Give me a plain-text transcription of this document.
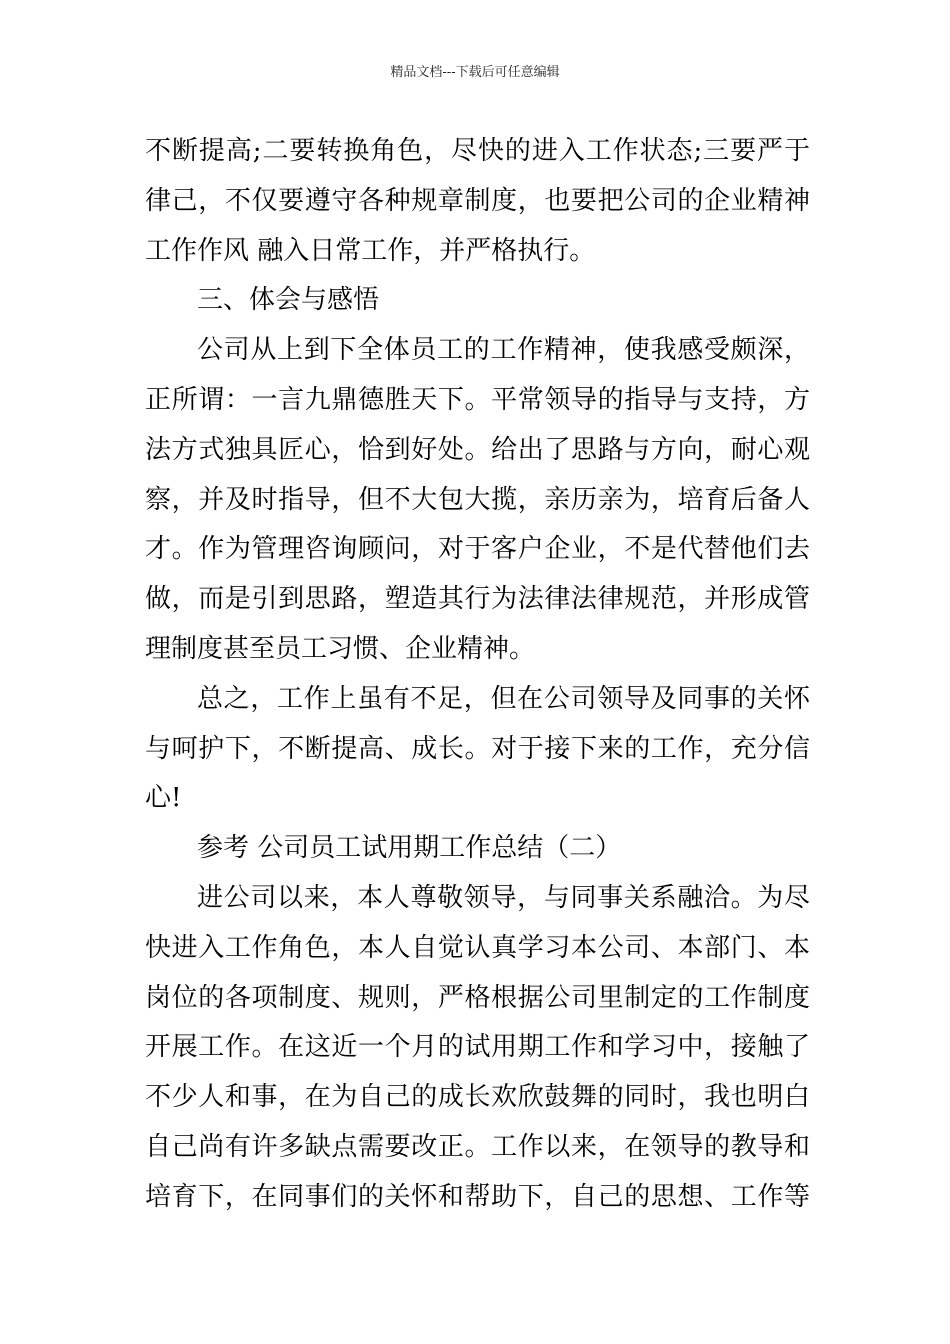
精品文档---下载后可任意编辑
不断提高;二要转换角色，尽快的进入工作状态;三要严于
律己，不仅要遵守各种规章制度，也要把公司的企业精神
工作作风 融入日常工作，并严格执行。
三、体会与感悟
公司从上到下全体员工的工作精神，使我感受颇深，
正所谓：一言九鼎德胜天下。平常领导的指导与支持，方
法方式独具匠心，恰到好处。给出了思路与方向，耐心观
察，并及时指导，但不大包大揽，亲历亲为，培育后备人
才。作为管理咨询顾问，对于客户企业，不是代替他们去
做，而是引到思路，塑造其行为法律法律规范，并形成管
理制度甚至员工习惯、企业精神。
总之，工作上虽有不足，但在公司领导及同事的关怀
与呵护下，不断提高、成长。对于接下来的工作，充分信
心!
参考 公司员工试用期工作总结（二）
进公司以来，本人尊敬领导，与同事关系融洽。为尽
快进入工作角色，本人自觉认真学习本公司、本部门、本
岗位的各项制度、规则，严格根据公司里制定的工作制度
开展工作。在这近一个月的试用期工作和学习中，接触了
不少人和事，在为自己的成长欢欣鼓舞的同时，我也明白
自己尚有许多缺点需要改正。工作以来，在领导的教导和
培育下，在同事们的关怀和帮助下，自己的思想、工作等
